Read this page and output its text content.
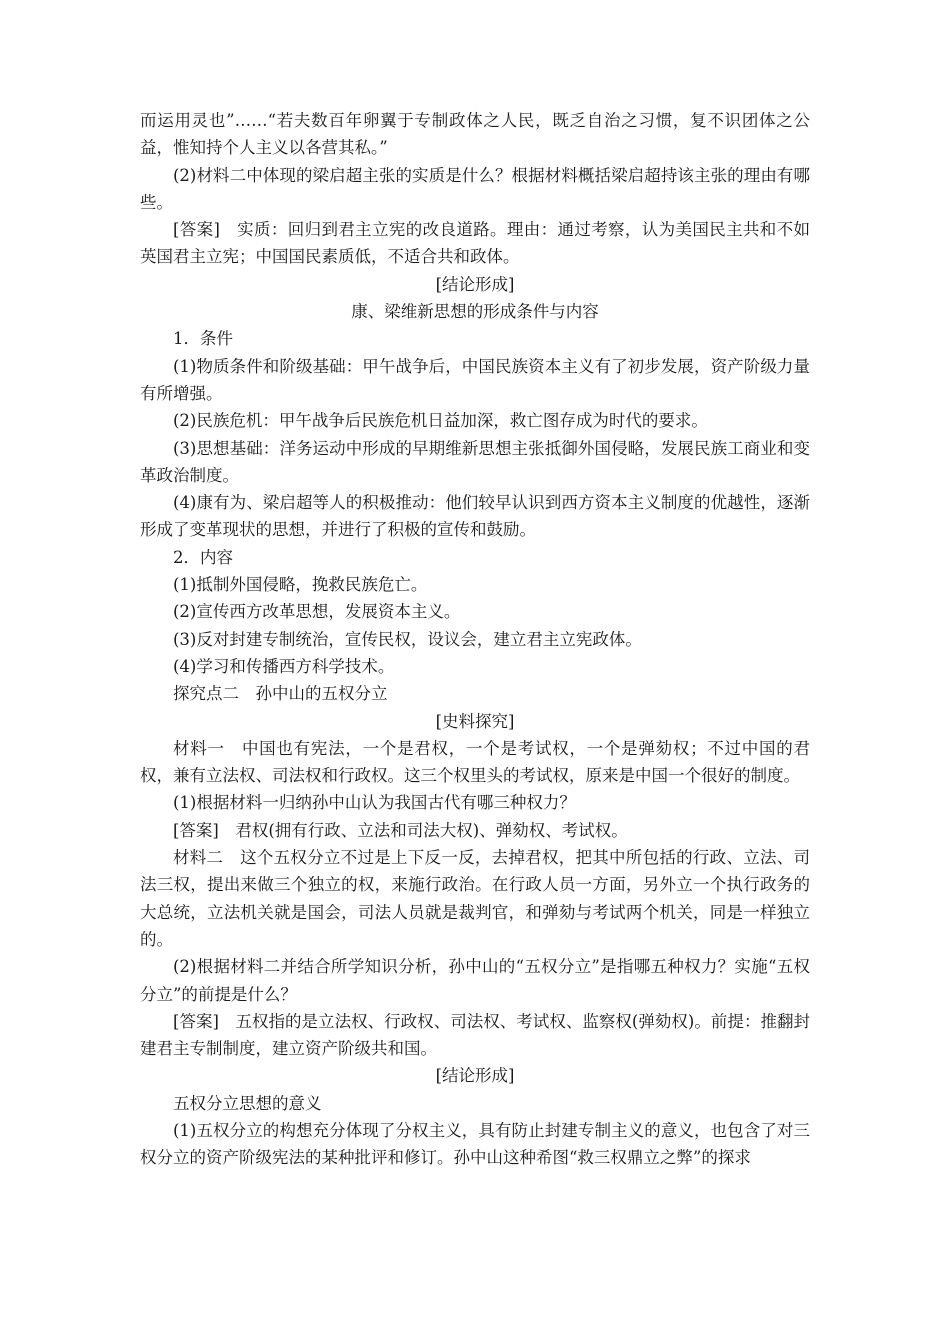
而运用灵也”……“若夫数百年卵翼于专制政体之人民，既乏自治之习惯，复不识团体之公益，惟知持个人主义以各营其私。”

(2)材料二中体现的梁启超主张的实质是什么？根据材料概括梁启超持该主张的理由有哪些。

[答案]　实质：回归到君主立宪的改良道路。理由：通过考察，认为美国民主共和不如英国君主立宪；中国国民素质低，不适合共和政体。

[结论形成]

康、梁维新思想的形成条件与内容

1．条件

(1)物质条件和阶级基础：甲午战争后，中国民族资本主义有了初步发展，资产阶级力量有所增强。

(2)民族危机：甲午战争后民族危机日益加深，救亡图存成为时代的要求。

(3)思想基础：洋务运动中形成的早期维新思想主张抵御外国侵略，发展民族工商业和变革政治制度。

(4)康有为、梁启超等人的积极推动：他们较早认识到西方资本主义制度的优越性，逐渐形成了变革现状的思想，并进行了积极的宣传和鼓励。

2．内容

(1)抵制外国侵略，挽救民族危亡。

(2)宣传西方改革思想，发展资本主义。

(3)反对封建专制统治，宣传民权，设议会，建立君主立宪政体。

(4)学习和传播西方科学技术。

探究点二　孙中山的五权分立

[史料探究]

材料一　中国也有宪法，一个是君权，一个是考试权，一个是弹劾权；不过中国的君权，兼有立法权、司法权和行政权。这三个权里头的考试权，原来是中国一个很好的制度。

(1)根据材料一归纳孙中山认为我国古代有哪三种权力？

[答案]　君权(拥有行政、立法和司法大权)、弹劾权、考试权。

材料二　这个五权分立不过是上下反一反，去掉君权，把其中所包括的行政、立法、司法三权，提出来做三个独立的权，来施行政治。在行政人员一方面，另外立一个执行政务的大总统，立法机关就是国会，司法人员就是裁判官，和弹劾与考试两个机关，同是一样独立的。

(2)根据材料二并结合所学知识分析，孙中山的“五权分立”是指哪五种权力？实施“五权分立”的前提是什么？

[答案]　五权指的是立法权、行政权、司法权、考试权、监察权(弹劾权)。前提：推翻封建君主专制制度，建立资产阶级共和国。

[结论形成]

五权分立思想的意义

(1)五权分立的构想充分体现了分权主义，具有防止封建专制主义的意义，也包含了对三权分立的资产阶级宪法的某种批评和修订。孙中山这种希图“救三权鼎立之弊”的探求
